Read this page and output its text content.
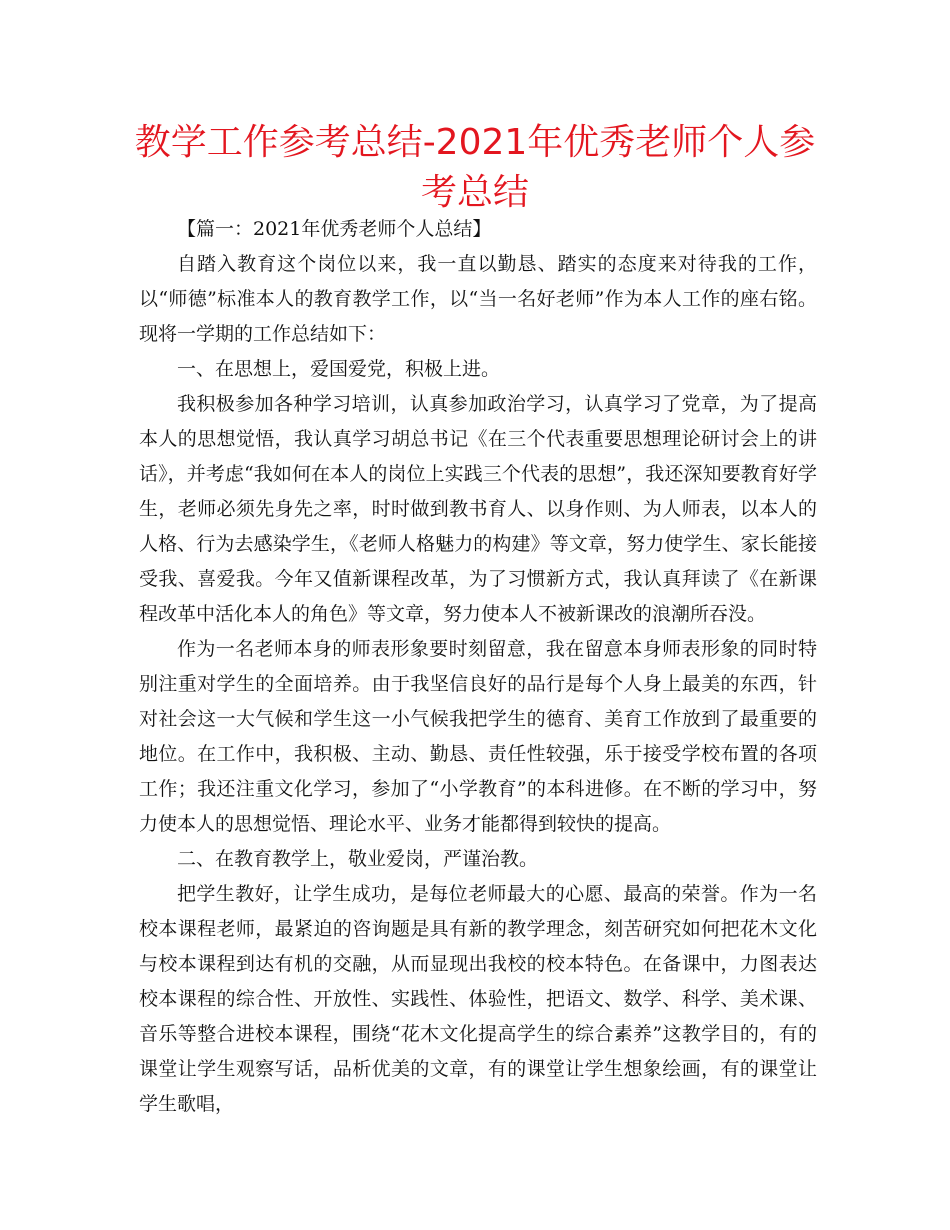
教学工作参考总结-2021年优秀老师个人参考总结

【篇一：2021年优秀老师个人总结】

自踏入教育这个岗位以来，我一直以勤恳、踏实的态度来对待我的工作，以“师德”标准本人的教育教学工作，以“当一名好老师”作为本人工作的座右铭。现将一学期的工作总结如下：

一、在思想上，爱国爱党，积极上进。

我积极参加各种学习培训，认真参加政治学习，认真学习了党章，为了提高本人的思想觉悟，我认真学习胡总书记《在三个代表重要思想理论研讨会上的讲话》，并考虑“我如何在本人的岗位上实践三个代表的思想”，我还深知要教育好学生，老师必须先身先之率，时时做到教书育人、以身作则、为人师表，以本人的人格、行为去感染学生，《老师人格魅力的构建》等文章，努力使学生、家长能接受我、喜爱我。今年又值新课程改革，为了习惯新方式，我认真拜读了《在新课程改革中活化本人的角色》等文章，努力使本人不被新课改的浪潮所吞没。

作为一名老师本身的师表形象要时刻留意，我在留意本身师表形象的同时特别注重对学生的全面培养。由于我坚信良好的品行是每个人身上最美的东西，针对社会这一大气候和学生这一小气候我把学生的德育、美育工作放到了最重要的地位。在工作中，我积极、主动、勤恳、责任性较强，乐于接受学校布置的各项工作；我还注重文化学习，参加了“小学教育”的本科进修。在不断的学习中，努力使本人的思想觉悟、理论水平、业务才能都得到较快的提高。

二、在教育教学上，敬业爱岗，严谨治教。

把学生教好，让学生成功，是每位老师最大的心愿、最高的荣誉。作为一名校本课程老师，最紧迫的咨询题是具有新的教学理念，刻苦研究如何把花木文化与校本课程到达有机的交融，从而显现出我校的校本特色。在备课中，力图表达校本课程的综合性、开放性、实践性、体验性，把语文、数学、科学、美术课、音乐等整合进校本课程，围绕“花木文化提高学生的综合素养”这教学目的，有的课堂让学生观察写话，品析优美的文章，有的课堂让学生想象绘画，有的课堂让学生歌唱，
